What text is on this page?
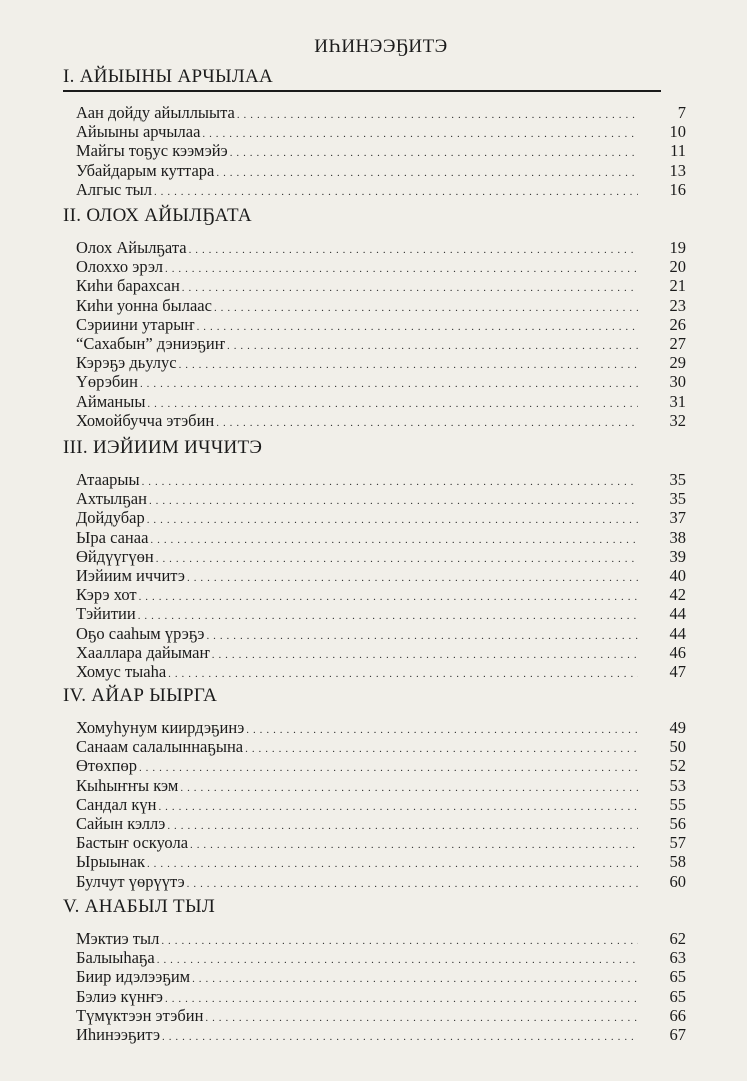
ИҺИНЭЭҔИТЭ
I. АЙЫЫНЫ АРЧЫЛАА
Аан дойду айыллыыта . . .	7
Айыыны арчылаа . . .	10
Майгы тоҕус кээмэйэ . . .	11
Убайдарым куттара . . .	13
Алгыс тыл . . .	16
II. ОЛОХ АЙЫЛҔАТА
Олох Айылҕата . . .	19
Олоххо эрэл . . .	20
Киһи барахсан . . .	21
Киһи уонна былаас . . .	23
Сэриини утарыҥ . . .	26
“Сахабын” дэниэҕиҥ . . .	27
Кэрэҕэ дьулус . . .	29
Үөрэбин . . .	30
Айманыы . . .	31
Хомойбучча этэбин . . .	32
III. ИЭЙИИМ ИЧЧИТЭ
Атаарыы . . .	35
Ахтылҕан . . .	35
Дойдубар . . .	37
Ыра санаа . . .	38
Өйдүүгүөн . . .	39
Иэйиим иччитэ . . .	40
Кэрэ хот . . .	42
Тэйитии . . .	44
Оҕо сааһым үрэҕэ . . .	44
Хааллара дайымаҥ . . .	46
Хомус тыаһа . . .	47
IV. АЙАР ЫЫРГА
Хомуһунум киирдэҕинэ . . .	49
Санаам салалыннаҕына . . .	50
Өтөхпөр . . .	52
Кыһыҥҥы кэм . . .	53
Сандал күн . . .	55
Сайын кэллэ . . .	56
Бастыҥ оскуола . . .	57
Ырыынак . . .	58
Булчут үөрүүтэ . . .	60
V. АНАБЫЛ ТЫЛ
Мэктиэ тыл . . .	62
Балыыһаҕа . . .	63
Биир идэлээҕим . . .	65
Бэлиэ күнҥэ . . .	65
Түмүктээн этэбин . . .	66
Иһинээҕитэ . . .	67
